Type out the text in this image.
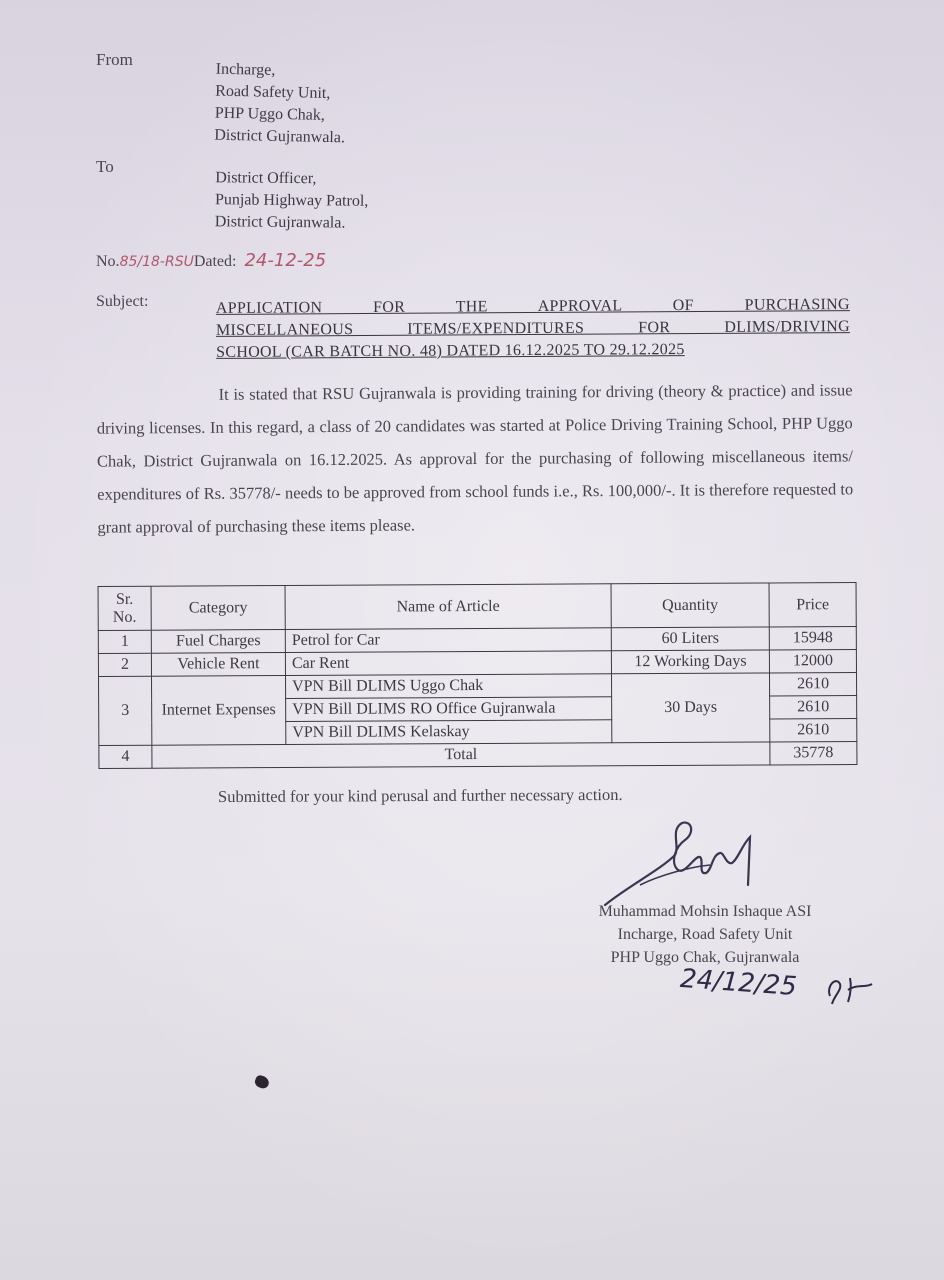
From
Incharge,
Road Safety Unit,
PHP Uggo Chak,
District Gujranwala.
To
District Officer,
Punjab Highway Patrol,
District Gujranwala.
No.85/18-RSUDated: 24-12-25
Subject:	APPLICATION FOR THE APPROVAL OF PURCHASING
MISCELLANEOUS ITEMS/EXPENDITURES FOR DLIMS/DRIVING
SCHOOL (CAR BATCH NO. 48) DATED 16.12.2025 TO 29.12.2025
It is stated that RSU Gujranwala is providing training for driving (theory & practice) and issue driving licenses. In this regard, a class of 20 candidates was started at Police Driving Training School, PHP Uggo Chak, District Gujranwala on 16.12.2025. As approval for the purchasing of following miscellaneous items/ expenditures of Rs. 35778/- needs to be approved from school funds i.e., Rs. 100,000/-. It is therefore requested to grant approval of purchasing these items please.
Sr. No.	Category	Name of Article	Quantity	Price
1	Fuel Charges	Petrol for Car	60 Liters	15948
2	Vehicle Rent	Car Rent	12 Working Days	12000
3	Internet Expenses	VPN Bill DLIMS Uggo Chak	30 Days	2610
		VPN Bill DLIMS RO Office Gujranwala		2610
		VPN Bill DLIMS Kelaskay		2610
4	Total			35778
Submitted for your kind perusal and further necessary action.
Muhammad Mohsin Ishaque ASI
Incharge, Road Safety Unit
PHP Uggo Chak, Gujranwala
24/12/25
